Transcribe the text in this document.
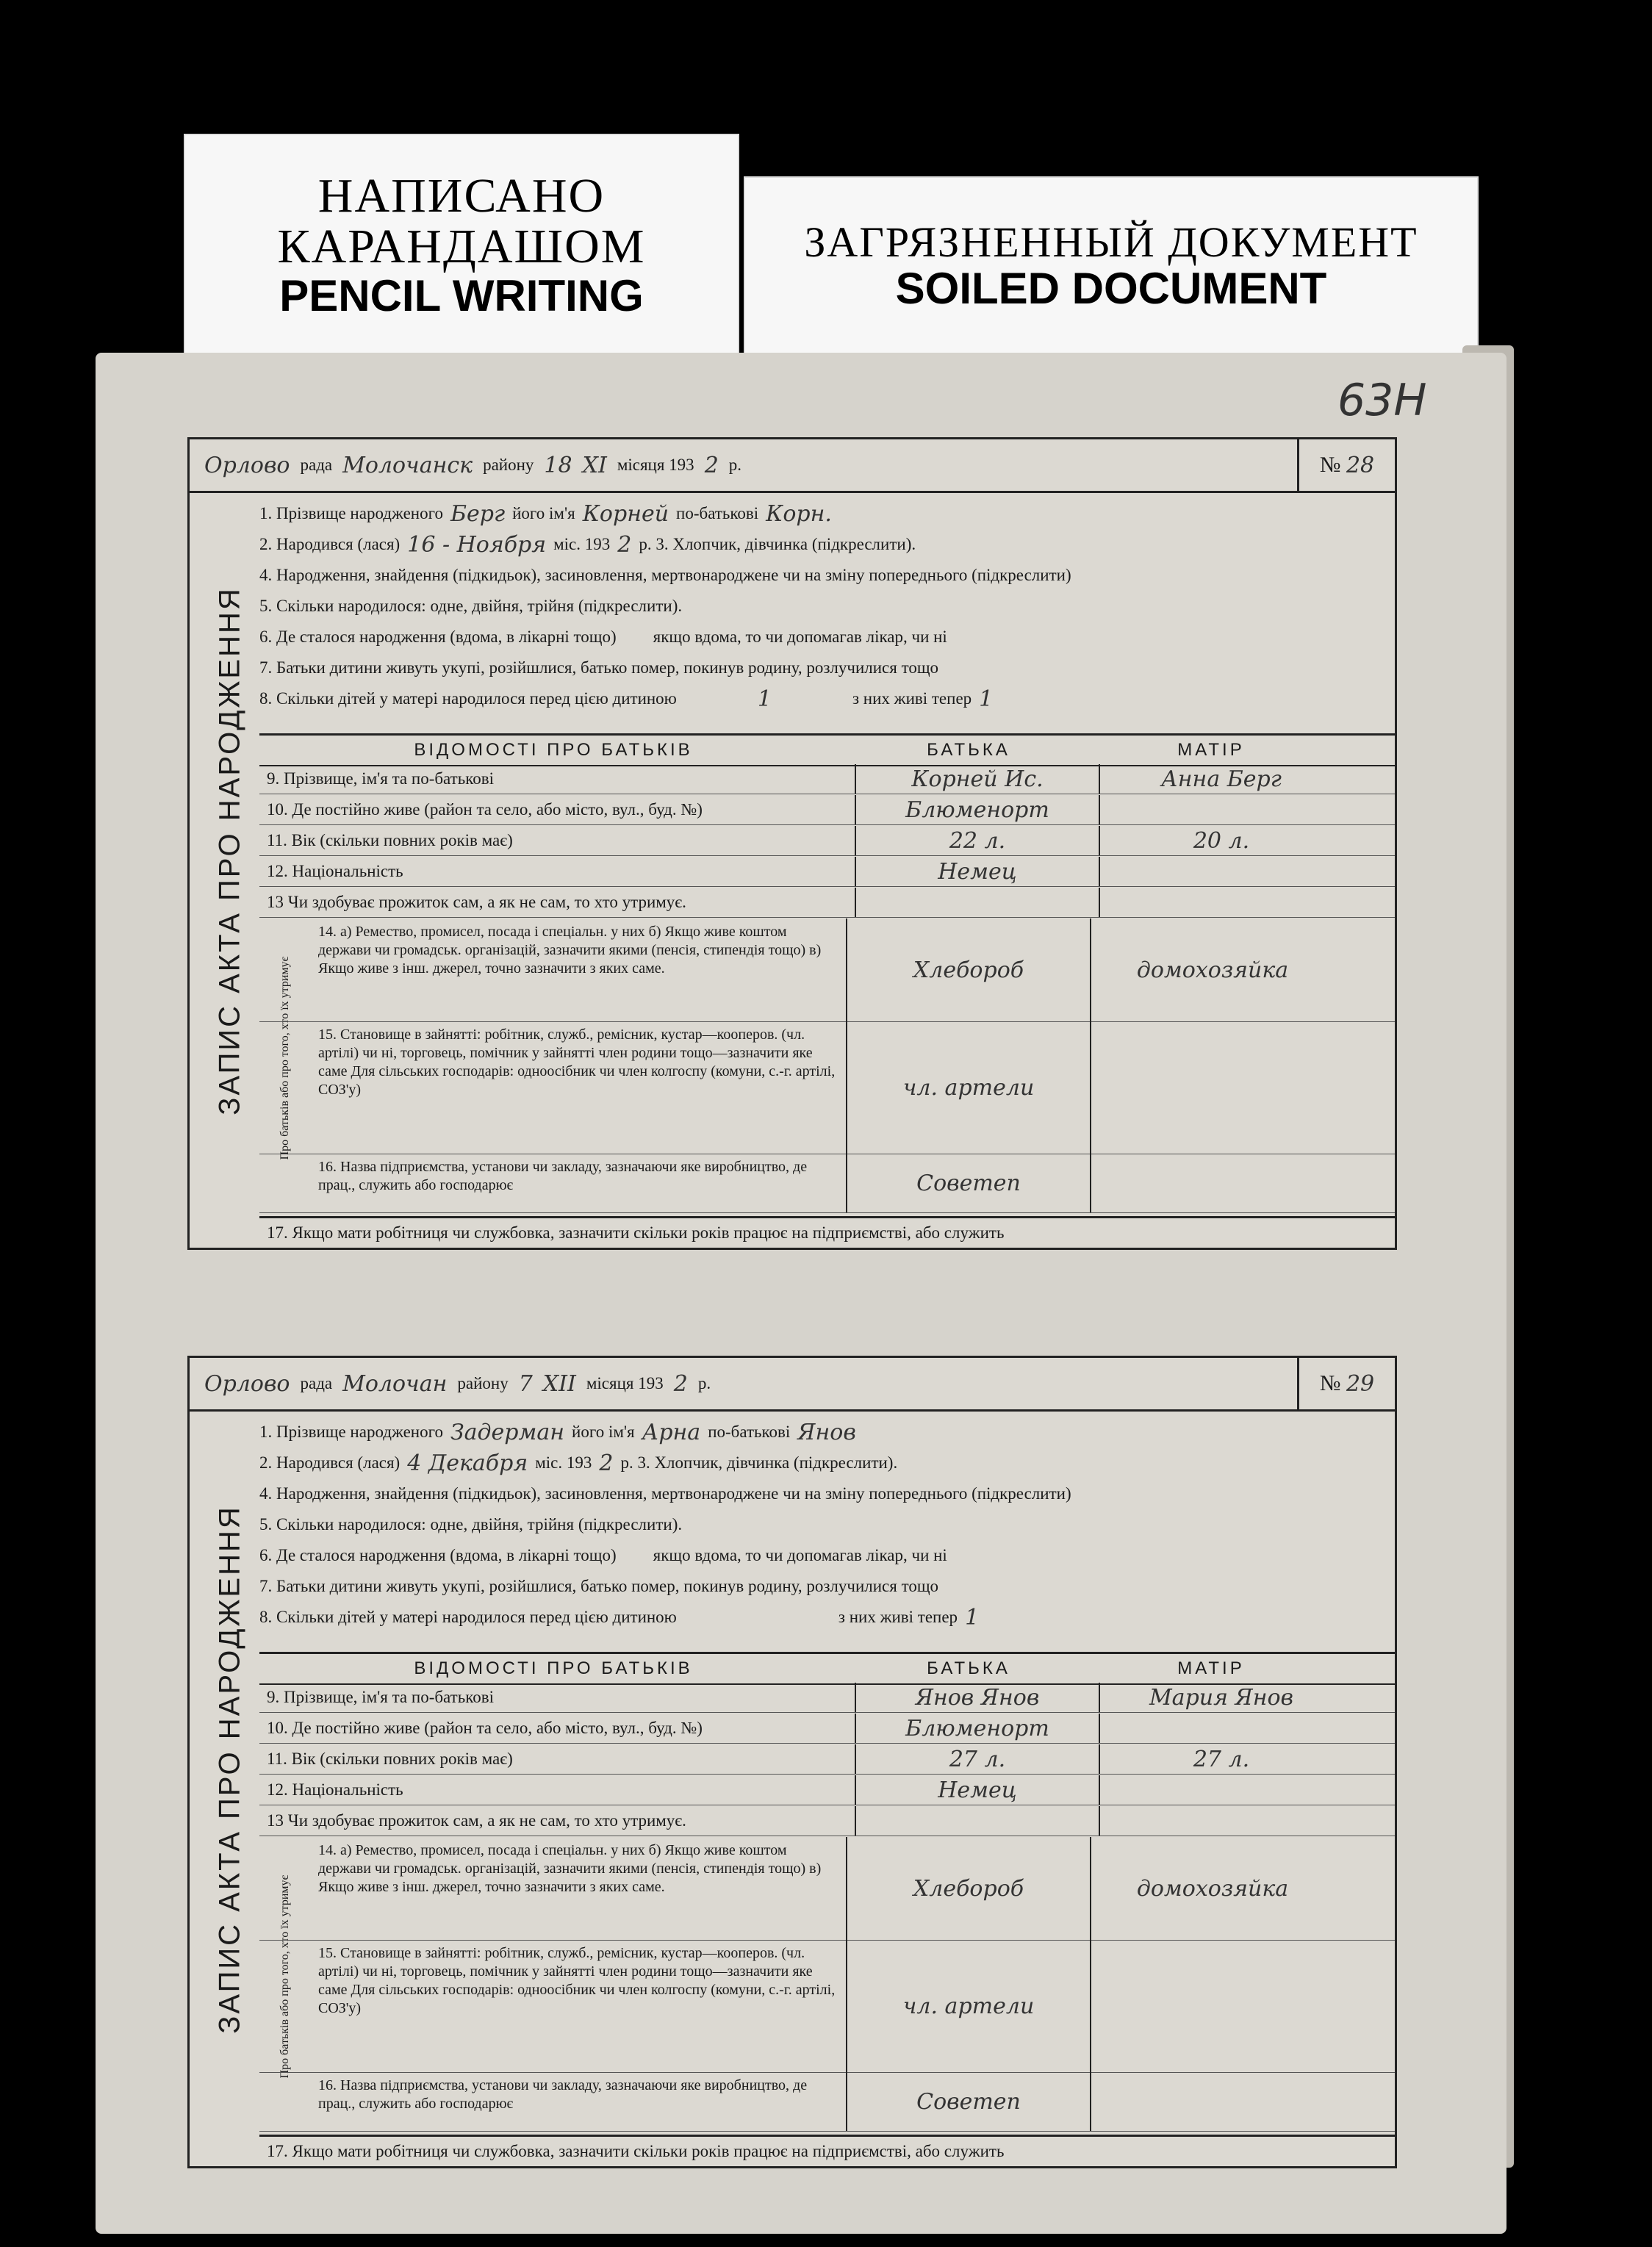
НАПИСАНО
КАРАНДАШОМ
PENCIL WRITING
ЗАГРЯЗНЕННЫЙ ДОКУМЕНТ
SOILED DOCUMENT
63Н
ЗАПИС АКТА ПРО НАРОДЖЕННЯ
Орлово рада Молочанск району 18 XI місяця 193 2 р.	№
28
1. Прізвище народженого Берг його ім'я Корней по-батькові Корн.
2. Народився (лася) 16 - Ноября міс. 193 2 р. 3. Хлопчик, дівчинка (підкреслити).
4. Народження, знайдення (підкидьок), засиновлення, мертвонароджене чи на зміну попереднього (підкреслити)
5. Скільки народилося: одне, двійня, трійня (підкреслити).
6. Де сталося народження (вдома, в лікарні тощо) якщо вдома, то чи допомагав лікар, чи ні
7. Батьки дитини живуть укупі, розійшлися, батько помер, покинув родину, розлучилися тощо
8. Скільки дітей у матері народилося перед цією дитиною	1	з них живі тепер 1
ВІДОМОСТІ ПРО БАТЬКІВ	БАТЬКА	МАТІР
9. Прізвище, ім'я та по-батькові	Корней Ис.	Анна Берг
10. Де постійно живе (район та село, або місто, вул., буд. №)	Блюменорт
11. Вік (скільки повних років має)	22 л.	20 л.
12. Національність	Немец
13 Чи здобуває прожиток сам, а як не сам, то хто утримує.
Про батьків або про того, хто їх утримує
14. а) Ремество, промисел, посада і спеціальн. у них б) Якщо живе коштом держави чи громадськ. організацій, зазначити якими (пенсія, стипендія тощо) в) Якщо живе з інш. джерел, точно зазначити з яких саме.	Хлебороб	домохозяйка
15. Становище в зайнятті: робітник, служб., ремісник, кустар—кооперов. (чл. артілі) чи ні, торговець, помічник у зайнятті член родини тощо—зазначити яке саме Для сільських господарів: одноосібник чи член колгоспу (комуни, с.-г. артілі, СОЗ'у)	чл. артели
16. Назва підприємства, установи чи закладу, зазначаючи яке виробництво, де прац., служить або господарює	Советеп
17. Якщо мати робітниця чи службовка, зазначити скільки років працює на підприємстві, або служить
ЗАПИС АКТА ПРО НАРОДЖЕННЯ
Орлово рада Молочан району 7 XII місяця 193 2 р.	№
29
1. Прізвище народженого Задерман його ім'я Арна по-батькові Янов
2. Народився (лася) 4 Декабря міс. 193 2 р. 3. Хлопчик, дівчинка (підкреслити).
4. Народження, знайдення (підкидьок), засиновлення, мертвонароджене чи на зміну попереднього (підкреслити)
5. Скільки народилося: одне, двійня, трійня (підкреслити).
6. Де сталося народження (вдома, в лікарні тощо) якщо вдома, то чи допомагав лікар, чи ні
7. Батьки дитини живуть укупі, розійшлися, батько помер, покинув родину, розлучилися тощо
8. Скільки дітей у матері народилося перед цією дитиною	з них живі тепер 1
ВІДОМОСТІ ПРО БАТЬКІВ	БАТЬКА	МАТІР
9. Прізвище, ім'я та по-батькові	Янов Янов	Мария Янов
10. Де постійно живе (район та село, або місто, вул., буд. №)	Блюменорт
11. Вік (скільки повних років має)	27 л.	27 л.
12. Національність	Немец
13 Чи здобуває прожиток сам, а як не сам, то хто утримує.
Про батьків або про того, хто їх утримує
14. а) Ремество, промисел, посада і спеціальн. у них б) Якщо живе коштом держави чи громадськ. організацій, зазначити якими (пенсія, стипендія тощо) в) Якщо живе з інш. джерел, точно зазначити з яких саме.	Хлебороб	домохозяйка
15. Становище в зайнятті: робітник, служб., ремісник, кустар—кооперов. (чл. артілі) чи ні, торговець, помічник у зайнятті член родини тощо—зазначити яке саме Для сільських господарів: одноосібник чи член колгоспу (комуни, с.-г. артілі, СОЗ'у)	чл. артели
16. Назва підприємства, установи чи закладу, зазначаючи яке виробництво, де прац., служить або господарює	Советеп
17. Якщо мати робітниця чи службовка, зазначити скільки років працює на підприємстві, або служить
